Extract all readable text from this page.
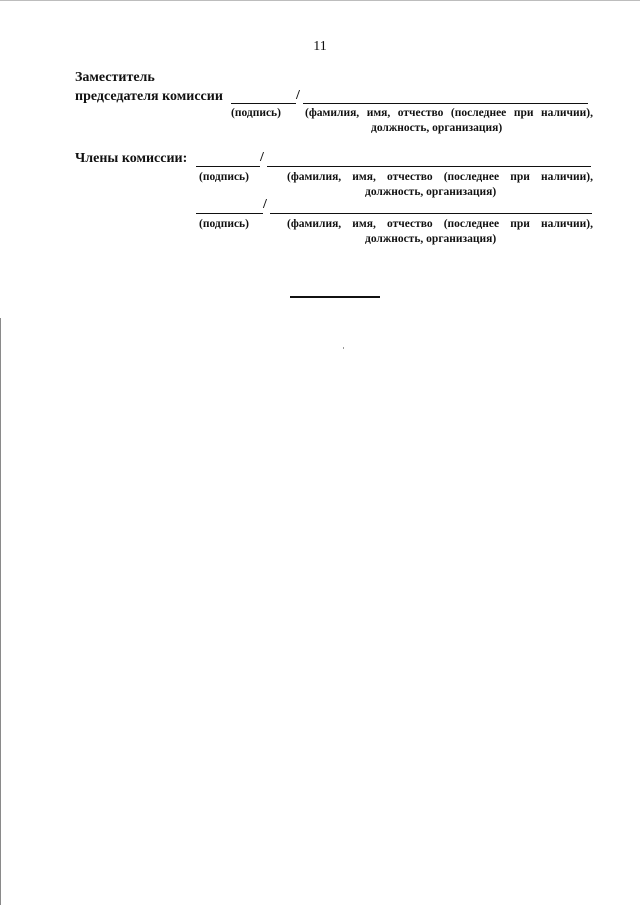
11
Заместитель
председателя комиссии	/
(подпись) (фамилия, имя, отчество (последнее при наличии),
должность, организация)
Члены комиссии:	/
(подпись)	(фамилия, имя, отчество (последнее при наличии),
должность, организация)
/
(подпись)	(фамилия, имя, отчество (последнее при наличии),
должность, организация)
